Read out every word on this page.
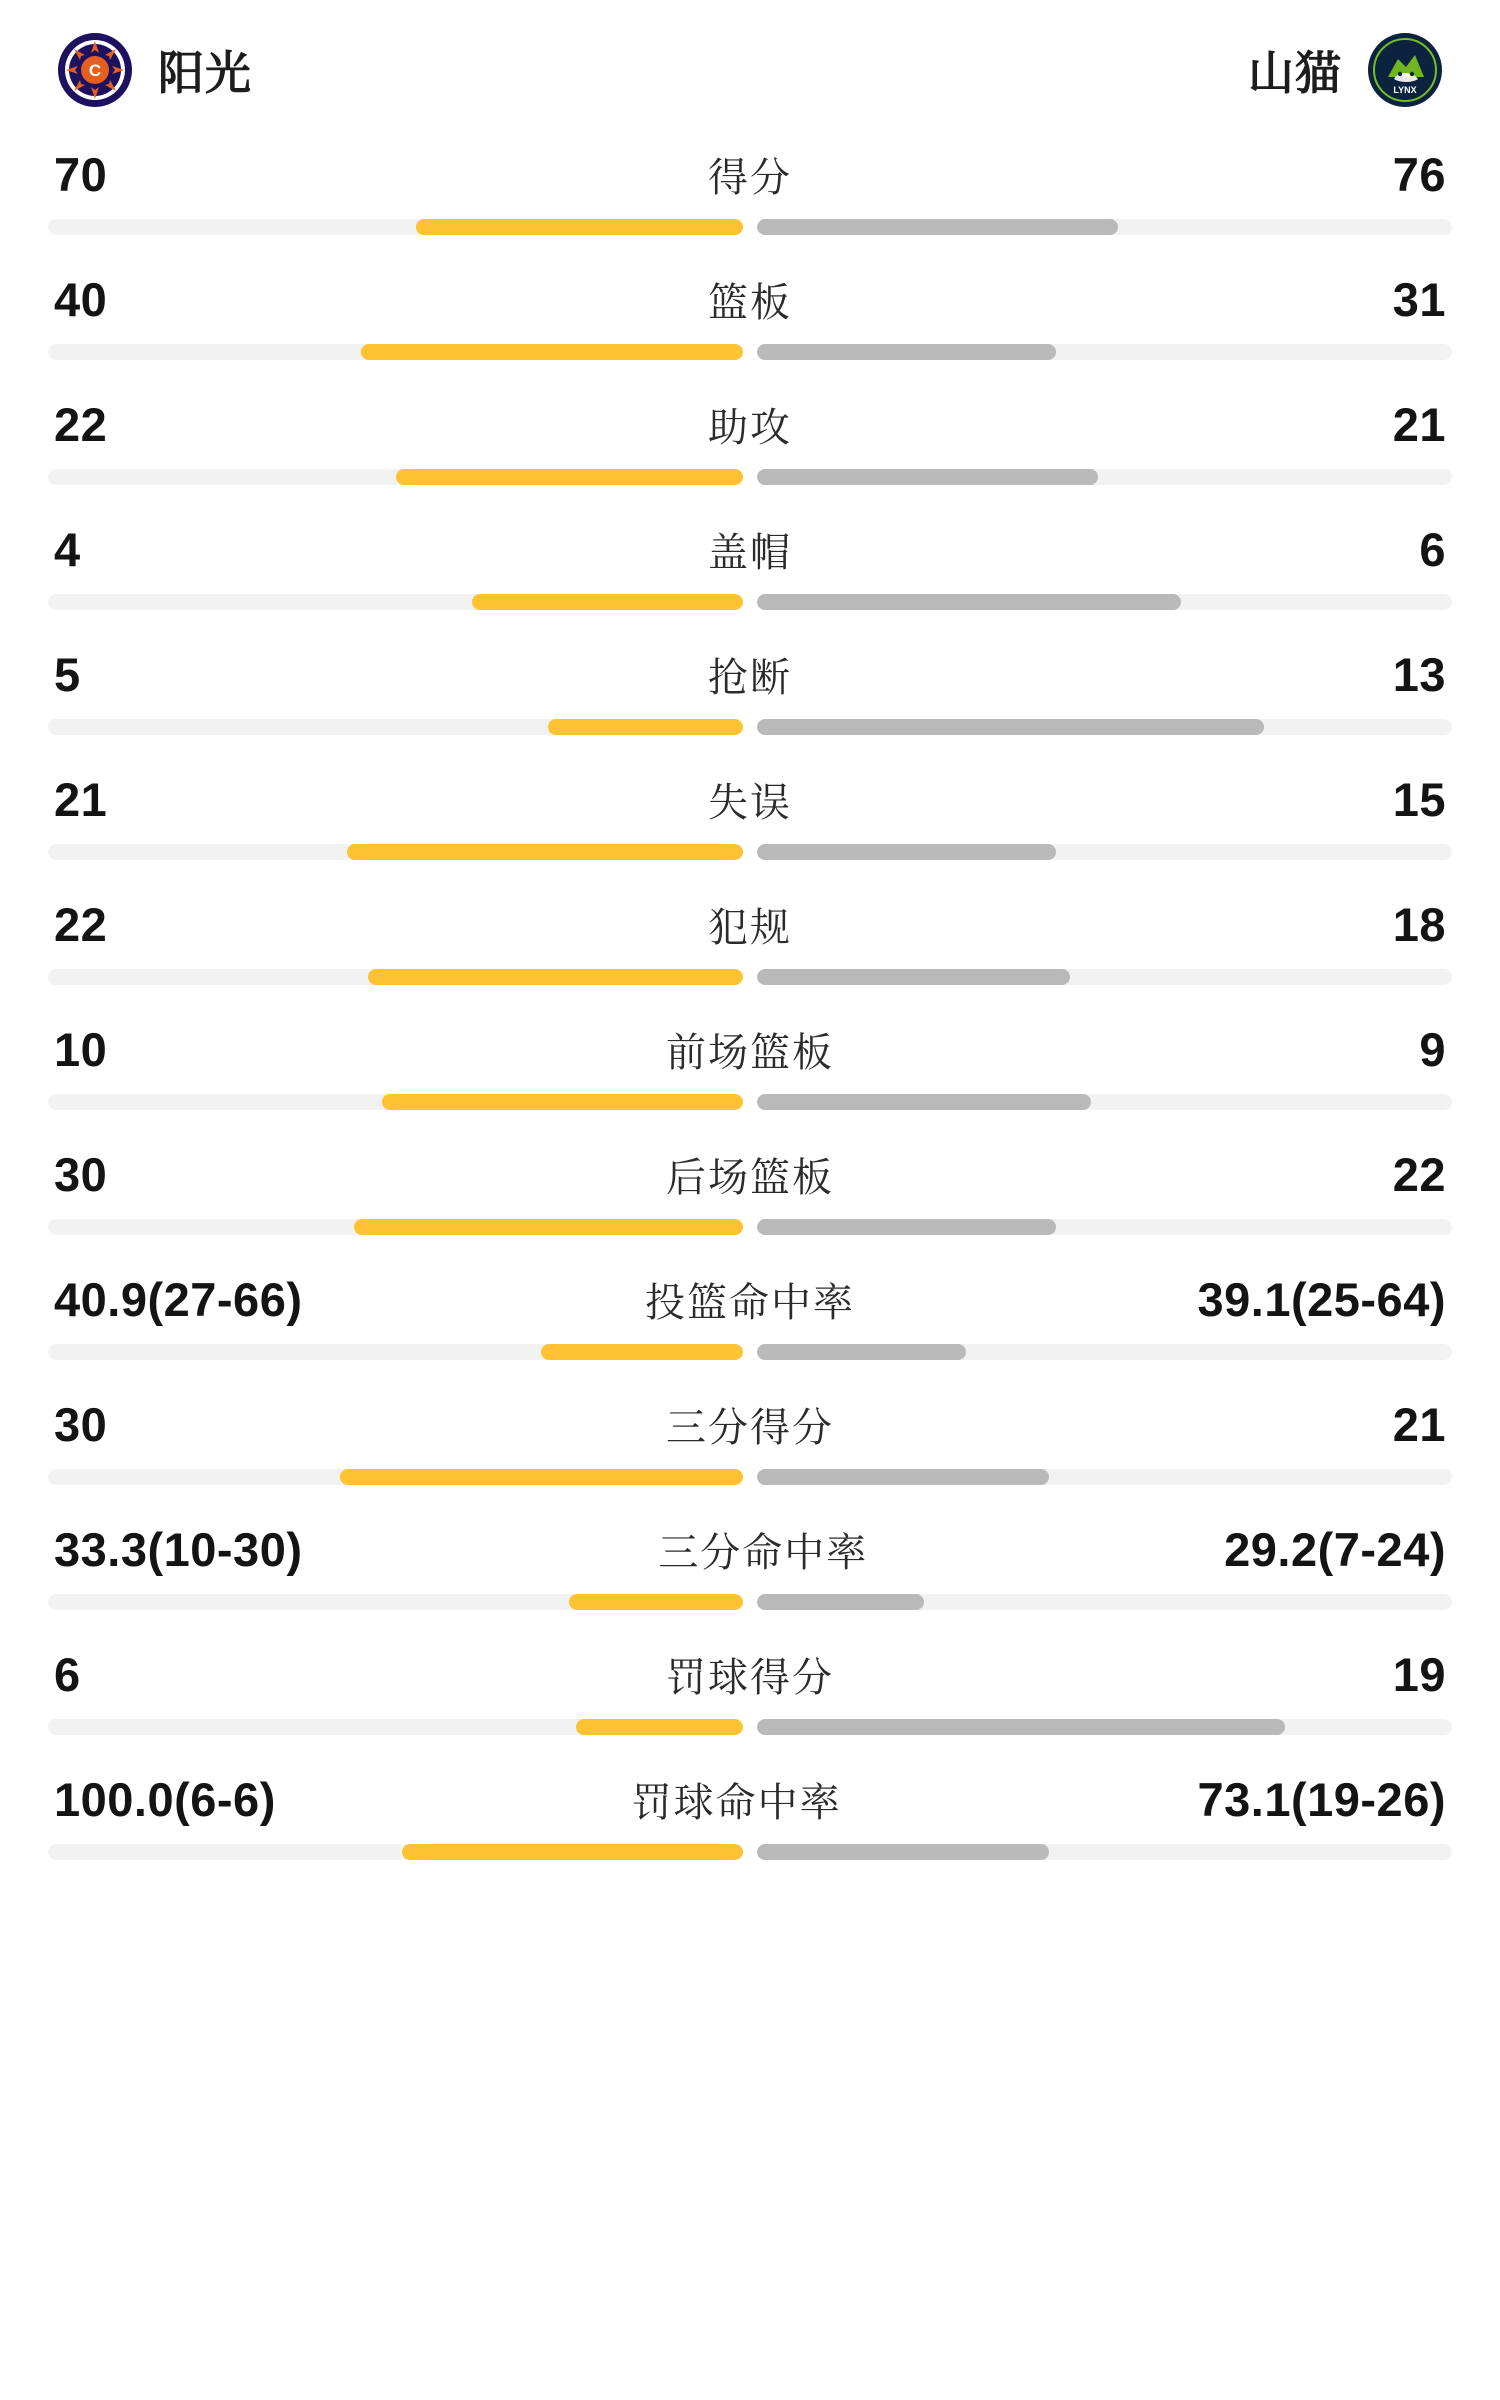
C 阳光	山猫	LYNX
70	得分	76
40	篮板	31
22	助攻	21
4	盖帽	6
5	抢断	13
21	失误	15
22	犯规	18
10	前场篮板	9
30	后场篮板	22
40.9(27-66)	投篮命中率	39.1(25-64)
30	三分得分	21
33.3(10-30)	三分命中率	29.2(7-24)
6	罚球得分	19
100.0(6-6)	罚球命中率	73.1(19-26)
